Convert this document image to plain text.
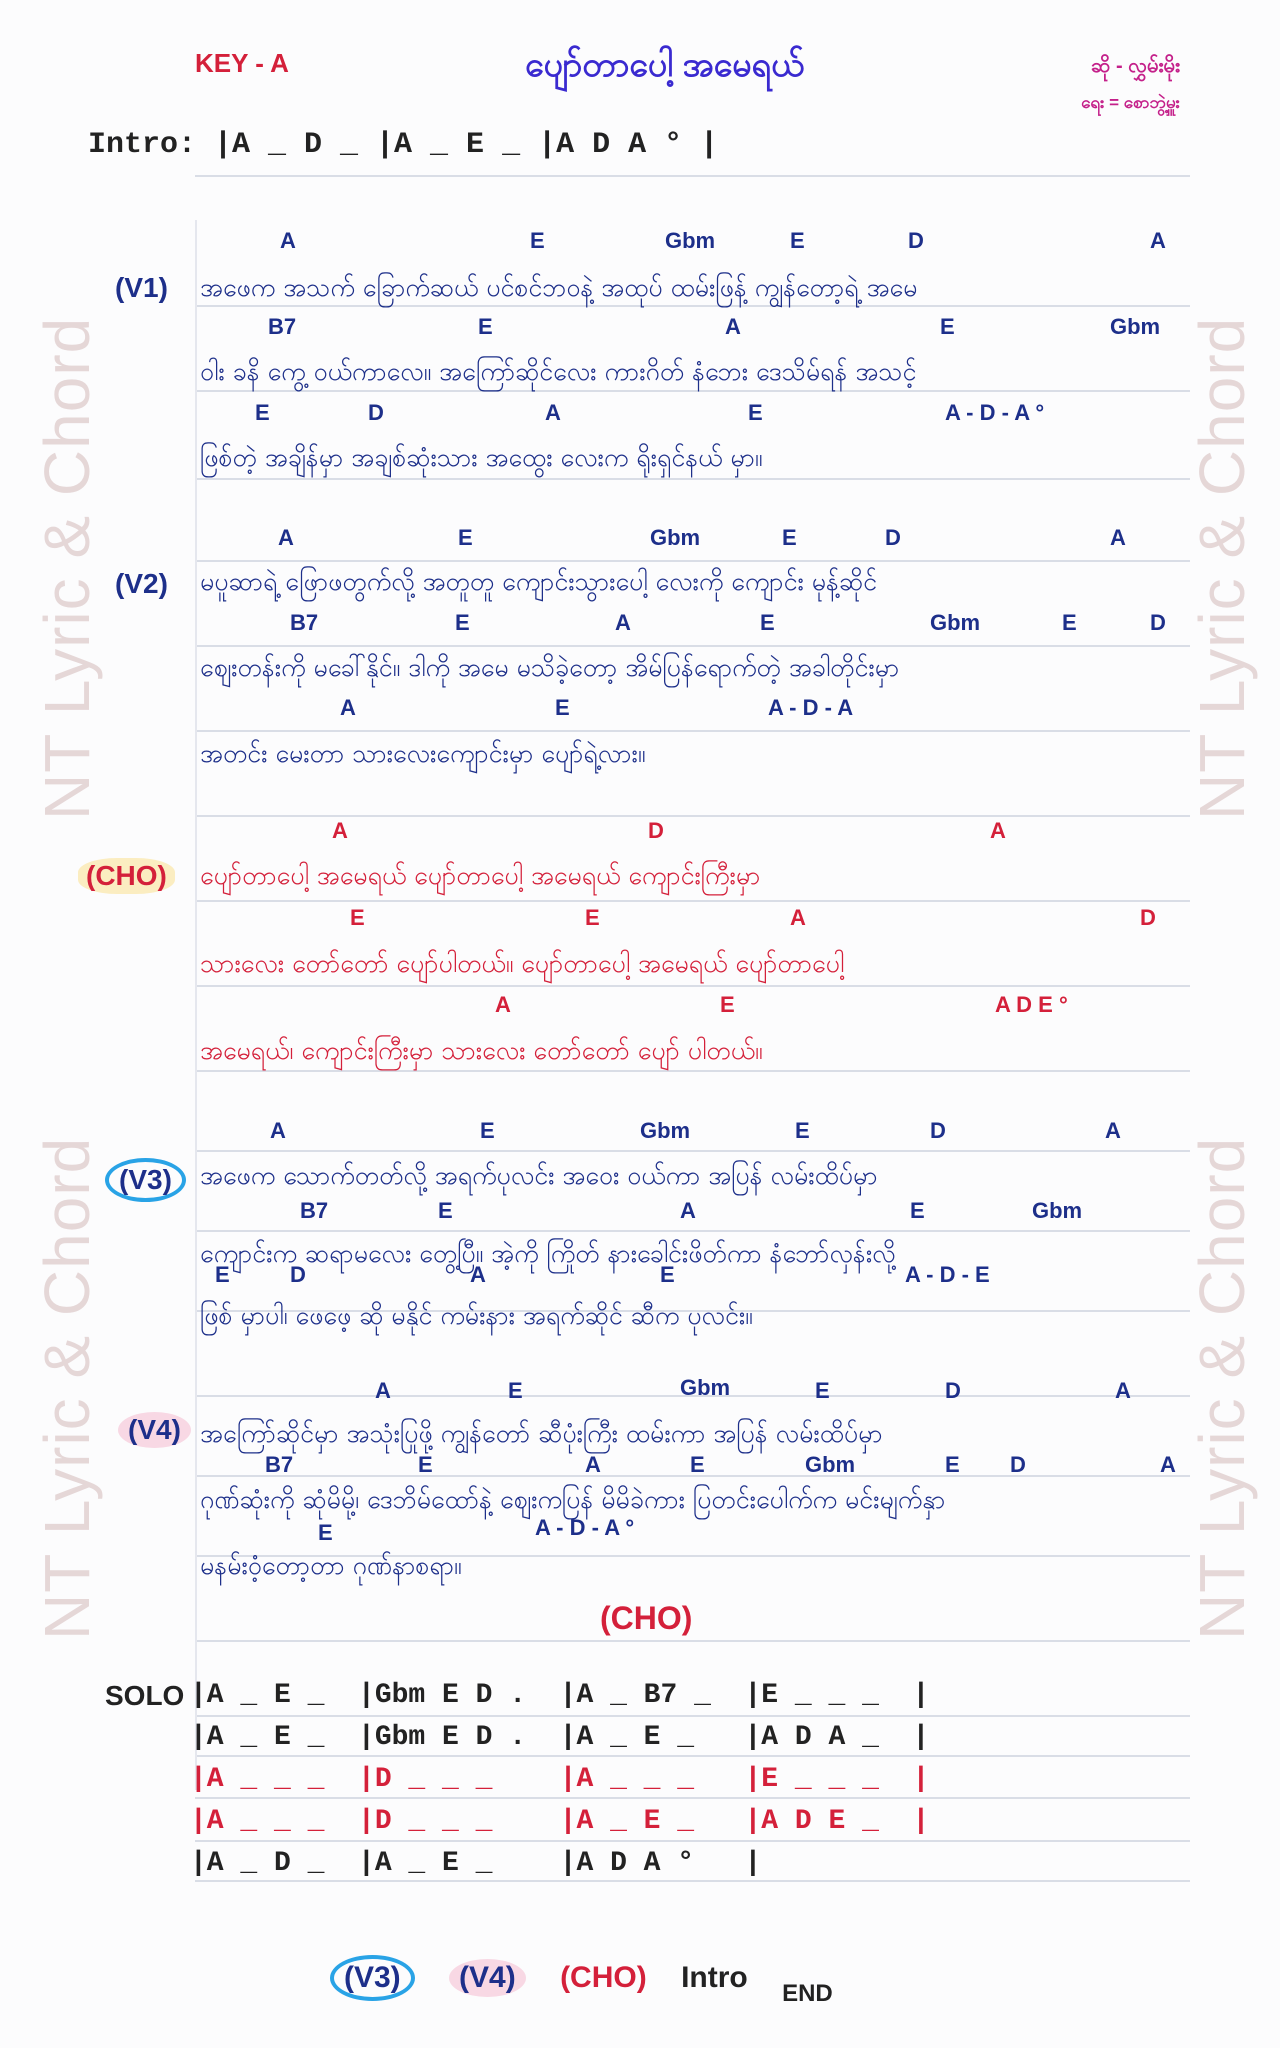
NT Lyric & Chord
NT Lyric & Chord
NT Lyric & Chord
NT Lyric & Chord
KEY - A	ပျော်တာပေါ့ အမေရယ်	ဆို - လွှမ်းမိုး
ရေး = စောဘွဲ့မှူး
Intro: |A _ D _ |A _ E _ |A D A ° |
(V1)
A	E	Gbm	E	D	A
အဖေက အသက် ခြောက်ဆယ် ပင်စင်ဘဝနဲ့ အထုပ် ထမ်းဖြန့် ကျွန်တော့ရဲ့ အမေ
B7	E	A	E	Gbm
ဝါး ခနိ ကွေ့ ဝယ်ကာလေ။ အကြော်ဆိုင်လေး ကားဂိတ် နံဘေး ဒေသိမ်ရန် အသင့်
E	D	A	E	A - D - A °
ဖြစ်တဲ့ အချိန်မှာ အချစ်ဆုံးသား အထွေး လေးက ရိုးရှင်နယ် မှာ။
(V2)
A	E	Gbm	E	D	A
မပူဆာရဲ့ ဖြောဖတွက်လို့ အတူတူ ကျောင်းသွားပေါ့ လေးကို ကျောင်း မုန့်ဆိုင်
B7	E	A	E	Gbm	E	D
ဈေးတန်းကို မခေါ်နိုင်။ ဒါကို အမေ မသိခဲ့တော့ အိမ်ပြန်ရောက်တဲ့ အခါတိုင်းမှာ
A	E	A - D - A
အတင်း မေးတာ သားလေးကျောင်းမှာ ပျော်ရဲ့လား။
(CHO)
A	D	A
ပျော်တာပေါ့ အမေရယ် ပျော်တာပေါ့ အမေရယ် ကျောင်းကြီးမှာ
E	E	A	D
သားလေး တော်တော် ပျော်ပါတယ်။ ပျော်တာပေါ့ အမေရယ် ပျော်တာပေါ့
A	E	A D E °
အမေရယ်၊ ကျောင်းကြီးမှာ သားလေး တော်တော် ပျော် ပါတယ်။
(V3)
A	E	Gbm	E	D	A
အဖေက သောက်တတ်လို့ အရက်ပုလင်း အဝေး ဝယ်ကာ အပြန် လမ်းထိပ်မှာ
B7	E	A	E	Gbm
ကျောင်းက ဆရာမလေး တွေ့ပြီ။ အဲ့ကို ကြိုတ် နားခေါင်းဖိတ်ကာ နံဘော်လှန်းလို့
E	D	A	E	A - D - E
ဖြစ် မှာပါ၊ ဖေဖေ့ ဆို မနိုင် ကမ်းနား အရက်ဆိုင် ဆီက ပုလင်း။
(V4)
A	E	Gbm	E	D	A
အကြော်ဆိုင်မှာ အသုံးပြုဖို့ ကျွန်တော် ဆီပုံးကြီး ထမ်းကာ အပြန် လမ်းထိပ်မှာ
B7	E	A	E	Gbm	E D	A
ဂုဏ်ဆုံးကို ဆုံမိမို့၊ ဒေဘိမ်ထော်နဲ့ ဈေးကပြန် မိမိခဲကား ပြတင်းပေါက်က မင်းမျက်နှာ
E	A - D - A °
မနမ်းဝံ့တော့တာ ဂုဏ်နာစရာ။
(CHO)
SOLO |A _ E _  |Gbm E D .  |A _ B7 _  |E _ _ _  |
|A _ E _  |Gbm E D .  |A _ E _   |A D A _  |
|A _ _ _  |D _ _ _    |A _ _ _   |E _ _ _  |
|A _ _ _  |D _ _ _    |A _ E _   |A D E _  |
|A _ D _  |A _ E _    |A D A °   |
(V3) (V4) (CHO) Intro END
